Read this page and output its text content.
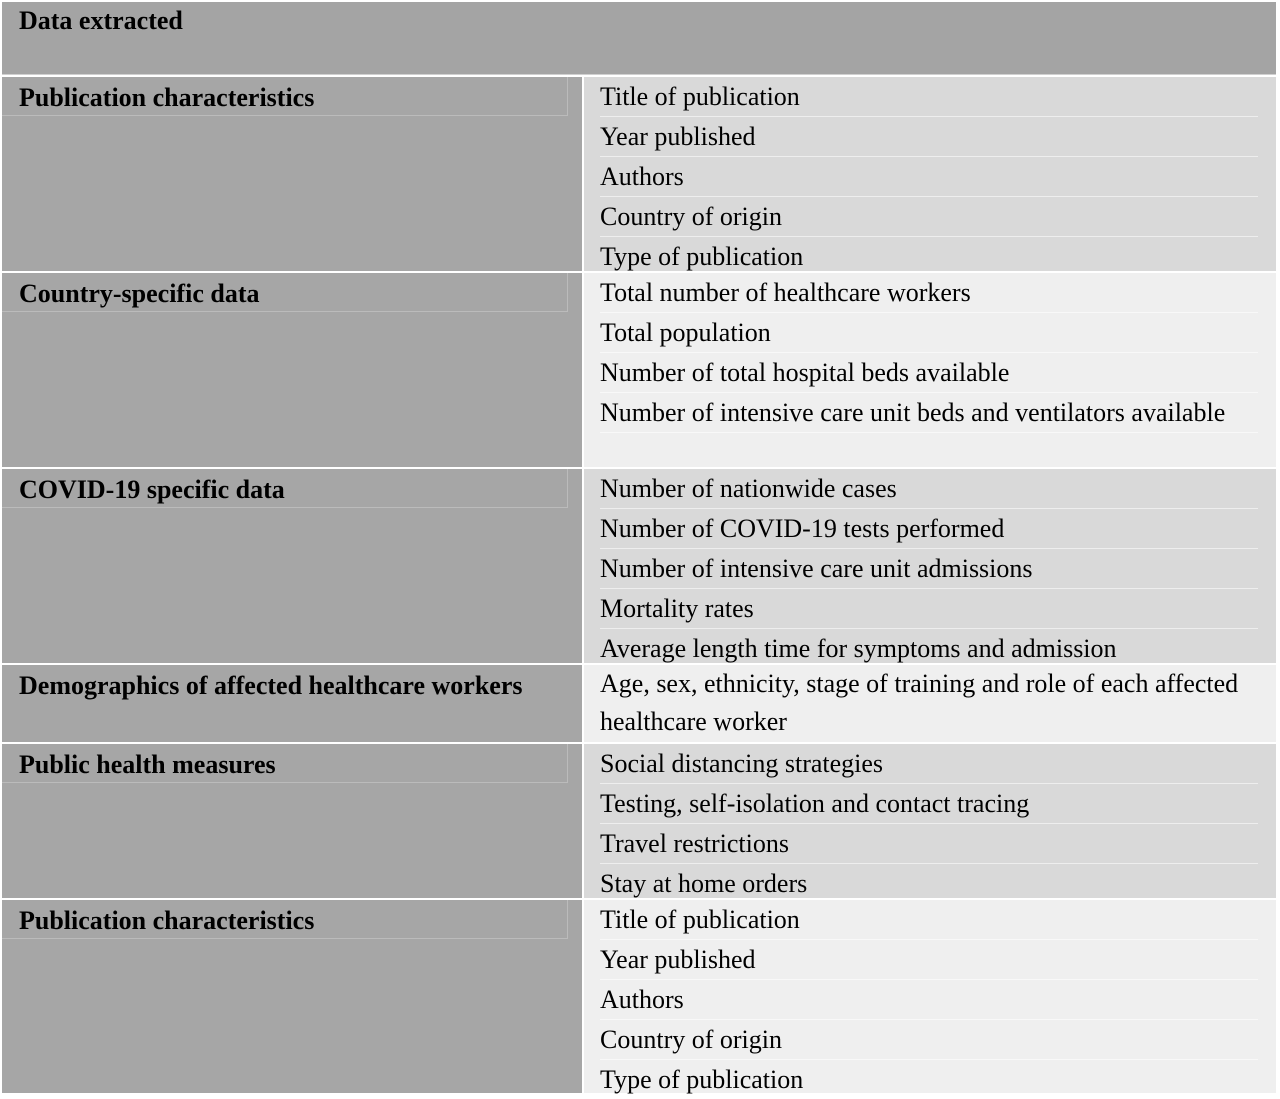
Data extracted
Publication characteristics	Title of publication
Year published
Authors
Country of origin
Type of publication
Country-specific data	Total number of healthcare workers
Total population
Number of total hospital beds available
Number of intensive care unit beds and ventilators available
COVID-19 specific data	Number of nationwide cases
Number of COVID-19 tests performed
Number of intensive care unit admissions
Mortality rates
Average length time for symptoms and admission
Demographics of affected healthcare workers	Age, sex, ethnicity, stage of training and role of each affected healthcare worker
Public health measures	Social distancing strategies
Testing, self-isolation and contact tracing
Travel restrictions
Stay at home orders
Publication characteristics	Title of publication
Year published
Authors
Country of origin
Type of publication
